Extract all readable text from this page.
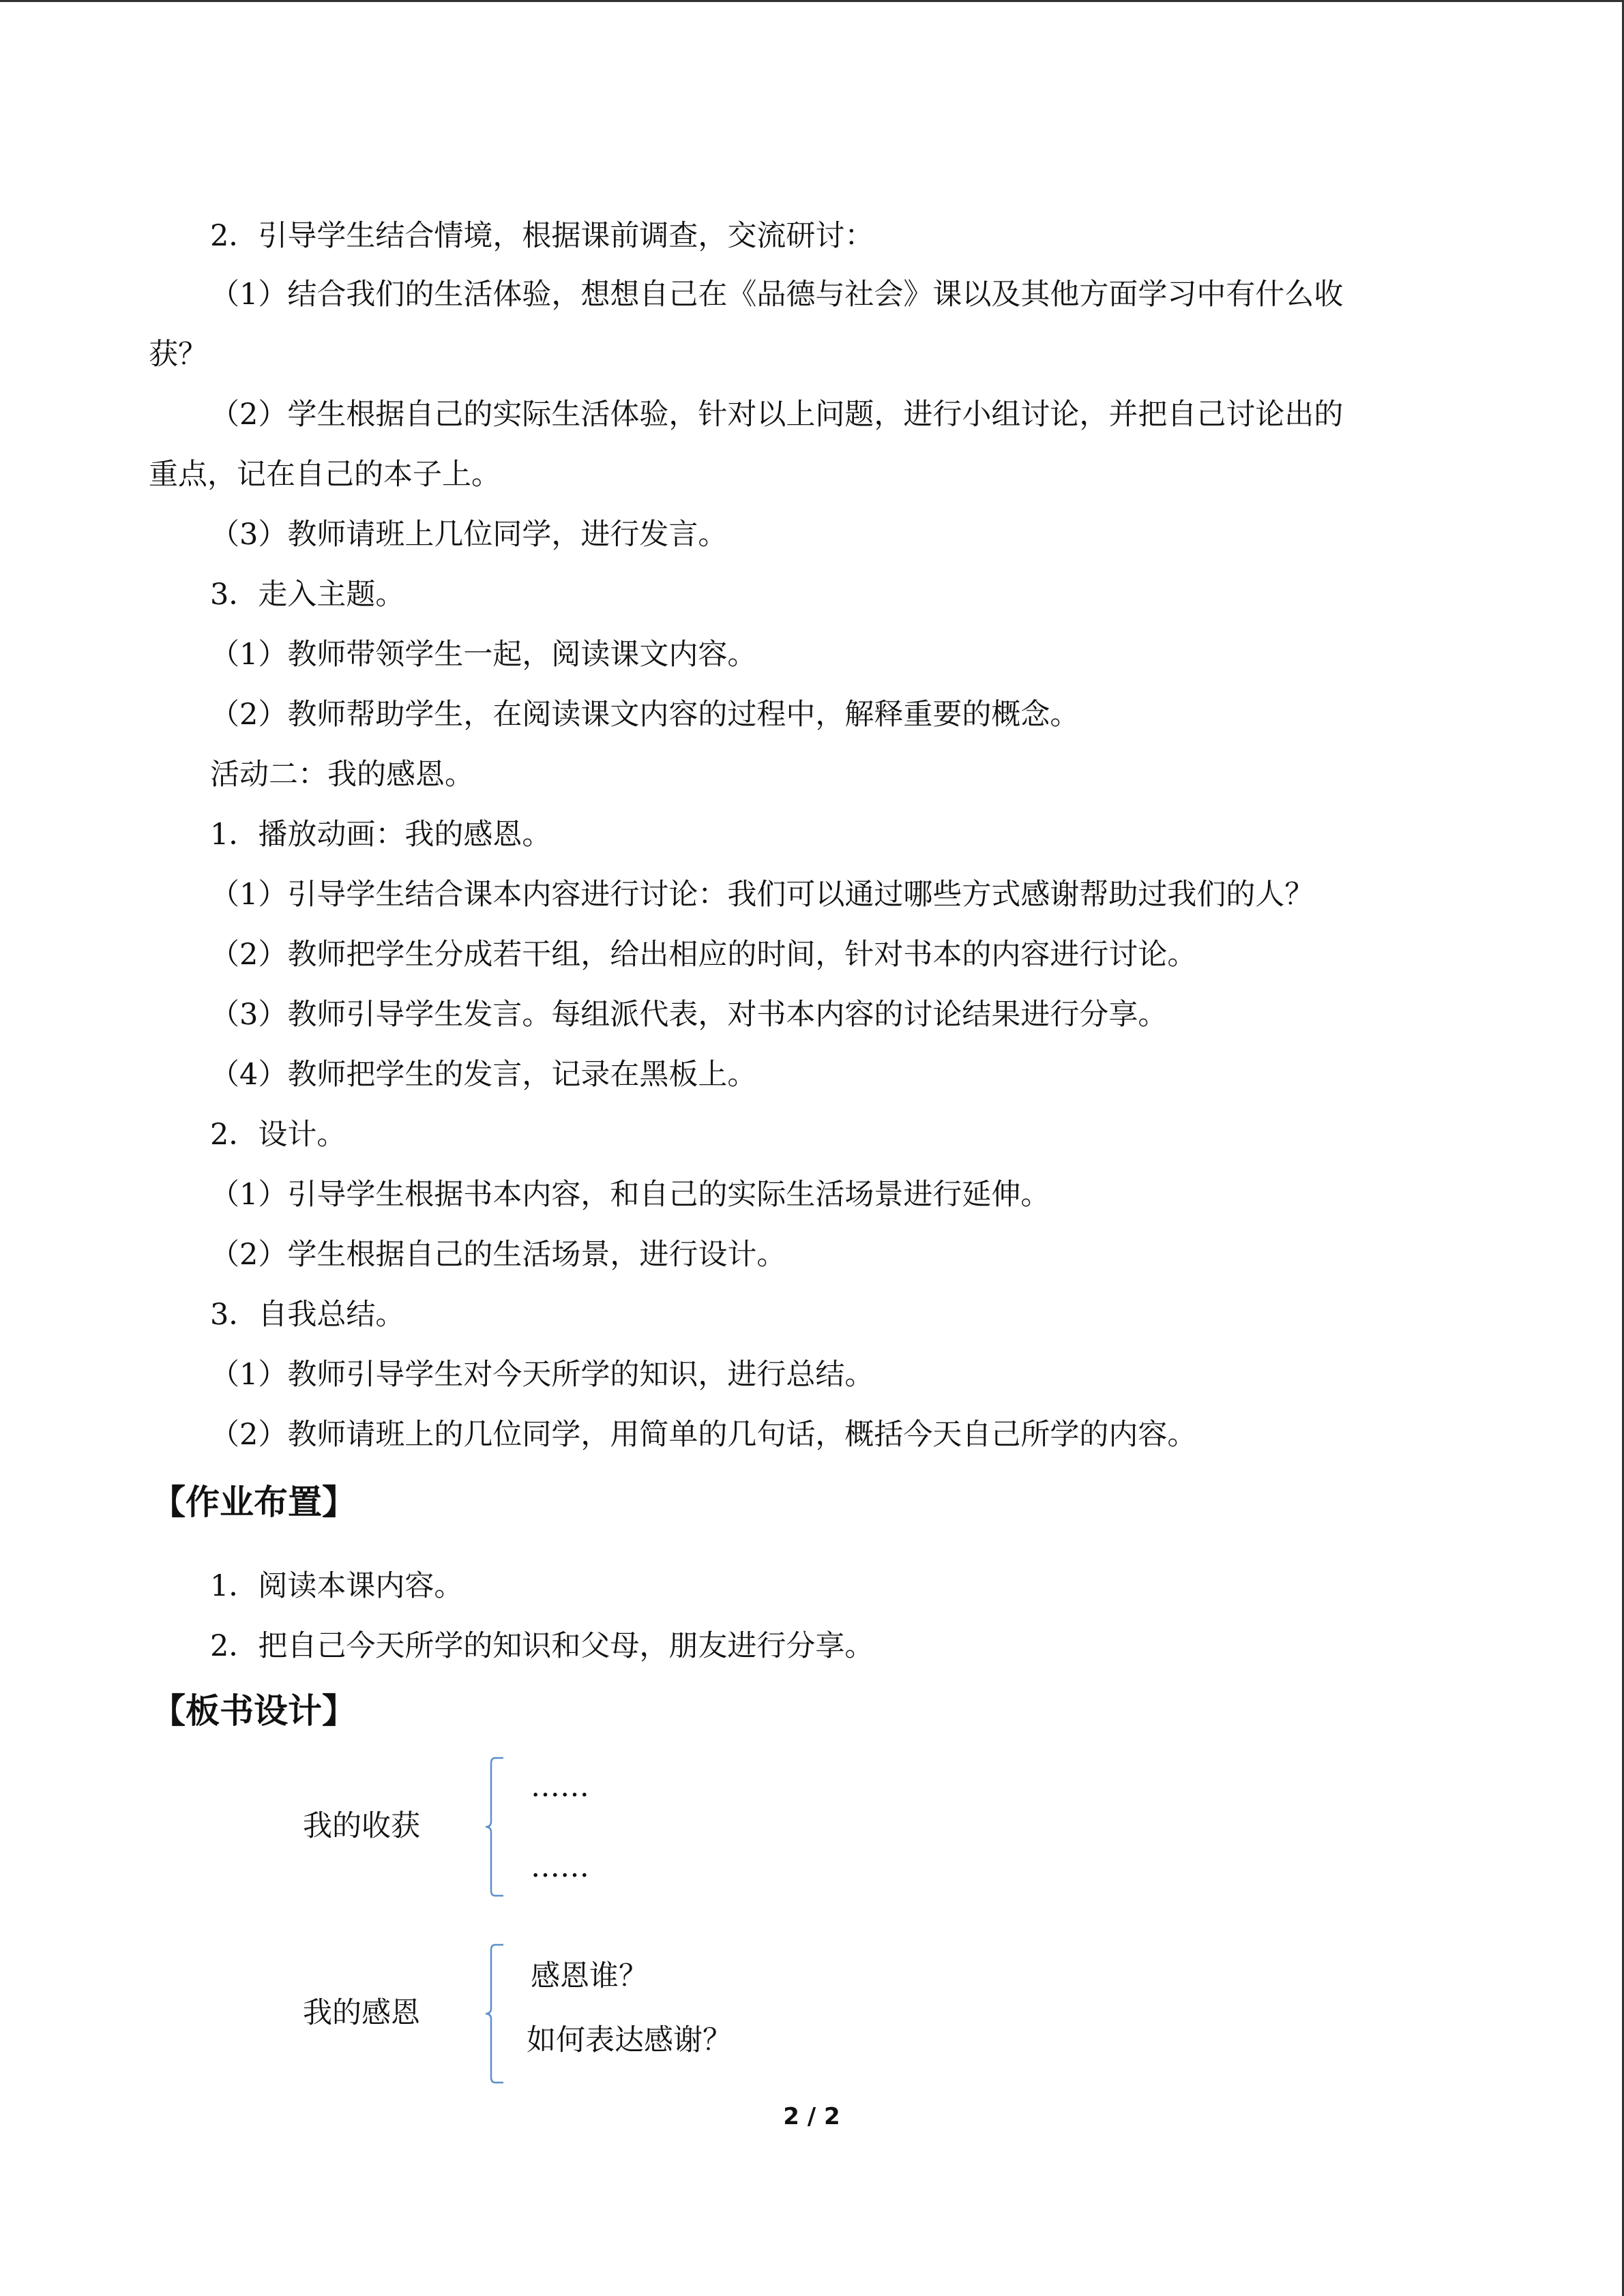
2．引导学生结合情境，根据课前调查，交流研讨：
（1）结合我们的生活体验，想想自己在《品德与社会》课以及其他方面学习中有什么收
获？
（2）学生根据自己的实际生活体验，针对以上问题，进行小组讨论，并把自己讨论出的
重点，记在自己的本子上。
（3）教师请班上几位同学，进行发言。
3．走入主题。
（1）教师带领学生一起，阅读课文内容。
（2）教师帮助学生，在阅读课文内容的过程中，解释重要的概念。
活动二：我的感恩。
1．播放动画：我的感恩。
（1）引导学生结合课本内容进行讨论：我们可以通过哪些方式感谢帮助过我们的人？
（2）教师把学生分成若干组，给出相应的时间，针对书本的内容进行讨论。
（3）教师引导学生发言。每组派代表，对书本内容的讨论结果进行分享。
（4）教师把学生的发言，记录在黑板上。
2．设计。
（1）引导学生根据书本内容，和自己的实际生活场景进行延伸。
（2）学生根据自己的生活场景，进行设计。
3．自我总结。
（1）教师引导学生对今天所学的知识，进行总结。
（2）教师请班上的几位同学，用简单的几句话，概括今天自己所学的内容。
【作业布置】
1．阅读本课内容。
2．把自己今天所学的知识和父母，朋友进行分享。
【板书设计】
我的收获
……
……
我的感恩
感恩谁？
如何表达感谢？
2 / 2
